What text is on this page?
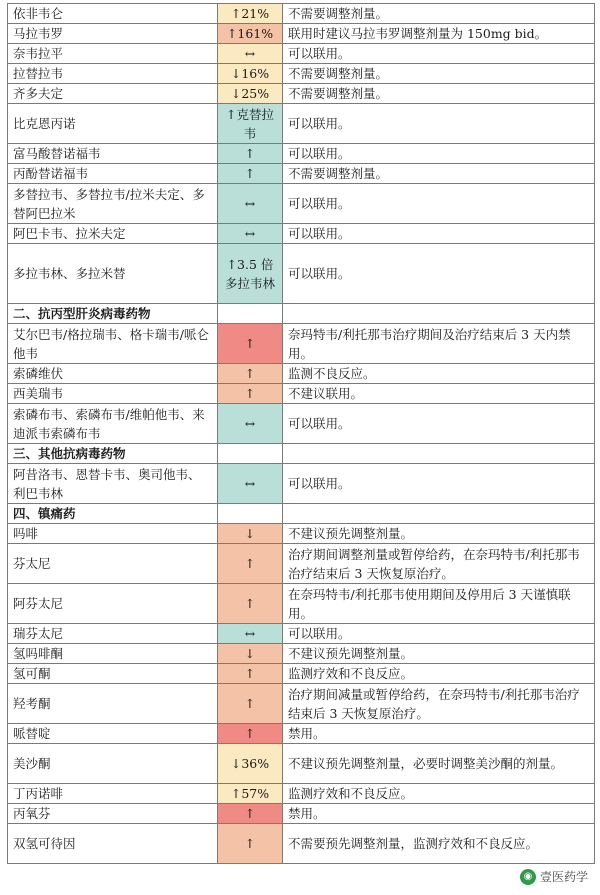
依非韦仑	↑21%	不需要调整剂量。
马拉韦罗	↑161%	联用时建议马拉韦罗调整剂量为 150mg bid。
奈韦拉平	↔	可以联用。
拉替拉韦	↓16%	不需要调整剂量。
齐多夫定	↓25%	不需要调整剂量。
比克恩丙诺	↑克替拉韦	可以联用。
富马酸替诺福韦	↑	可以联用。
丙酚替诺福韦	↑	不需要调整剂量。
多替拉韦、多替拉韦/拉米夫定、多替阿巴拉米	↔	可以联用。
阿巴卡韦、拉米夫定	↔	可以联用。
多拉韦林、多拉米替	↑3.5 倍多拉韦林	可以联用。
二、抗丙型肝炎病毒药物		
艾尔巴韦/格拉瑞韦、格卡瑞韦/哌仑他韦	↑	奈玛特韦/利托那韦治疗期间及治疗结束后 3 天内禁用。
索磷维伏	↑	监测不良反应。
西美瑞韦	↑	不建议联用。
索磷布韦、索磷布韦/维帕他韦、来迪派韦索磷布韦	↔	可以联用。
三、其他抗病毒药物		
阿昔洛韦、恩替卡韦、奥司他韦、利巴韦林	↔	可以联用。
四、镇痛药		
吗啡	↓	不建议预先调整剂量。
芬太尼	↑	治疗期间调整剂量或暂停给药，在奈玛特韦/利托那韦治疗结束后 3 天恢复原治疗。
阿芬太尼	↑	在奈玛特韦/利托那韦使用期间及停用后 3 天谨慎联用。
瑞芬太尼	↔	可以联用。
氢吗啡酮	↓	不建议预先调整剂量。
氢可酮	↑	监测疗效和不良反应。
羟考酮	↑	治疗期间减量或暂停给药，在奈玛特韦/利托那韦治疗结束后 3 天恢复原治疗。
哌替啶	↑	禁用。
美沙酮	↓36%	不建议预先调整剂量，必要时调整美沙酮的剂量。
丁丙诺啡	↑57%	监测疗效和不良反应。
丙氧芬	↑	禁用。
双氢可待因	↑	不需要预先调整剂量，监测疗效和不良反应。
◉ 壹医药学
